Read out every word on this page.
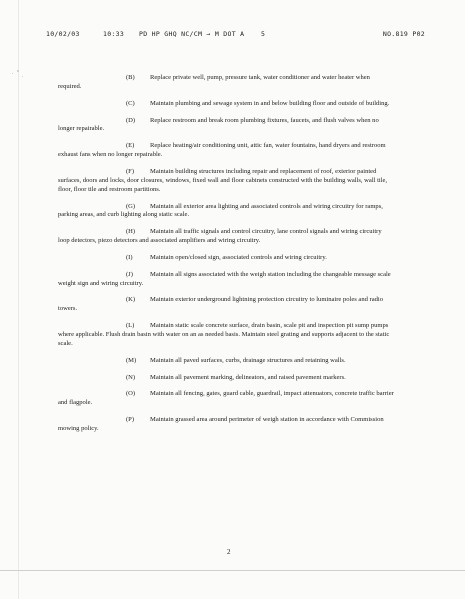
10/02/03	10:33 PD HP GHQ NC/CM → M DOT A	5	NO.819 P02

(B) Replace private well, pump, pressure tank, water conditioner and water heater when required.

(C) Maintain plumbing and sewage system in and below building floor and outside of building.

(D) Replace restroom and break room plumbing fixtures, faucets, and flush valves when no longer repairable.

(E) Replace heating/air conditioning unit, attic fan, water fountains, hand dryers and restroom exhaust fans when no longer repairable.

(F) Maintain building structures including repair and replacement of roof, exterior painted surfaces, doors and locks, door closures, windows, fixed wall and floor cabinets constructed with the building walls, wall tile, floor, floor tile and restroom partitions.

(G) Maintain all exterior area lighting and associated controls and wiring circuitry for ramps, parking areas, and curb lighting along static scale.

(H) Maintain all traffic signals and control circuitry, lane control signals and wiring circuitry loop detectors, piezo detectors and associated amplifiers and wiring circuitry.

(I)	Maintain open/closed sign, associated controls and wiring circuitry.

(J)	Maintain all signs associated with the weigh station including the changeable message scale weight sign and wiring circuitry.

(K) Maintain exterior underground lightning protection circuitry to luminaire poles and radio towers.

(L) Maintain static scale concrete surface, drain basin, scale pit and inspection pit sump pumps where applicable. Flush drain basin with water on an as needed basis. Maintain steel grating and supports adjacent to the static scale.

(M) Maintain all paved surfaces, curbs, drainage structures and retaining walls.

(N) Maintain all pavement marking, delineators, and raised pavement markers.

(O) Maintain all fencing, gates, guard cable, guardrail, impact attenuators, concrete traffic barrier and flagpole.

(P) Maintain grassed area around perimeter of weigh station in accordance with Commission mowing policy.

2
